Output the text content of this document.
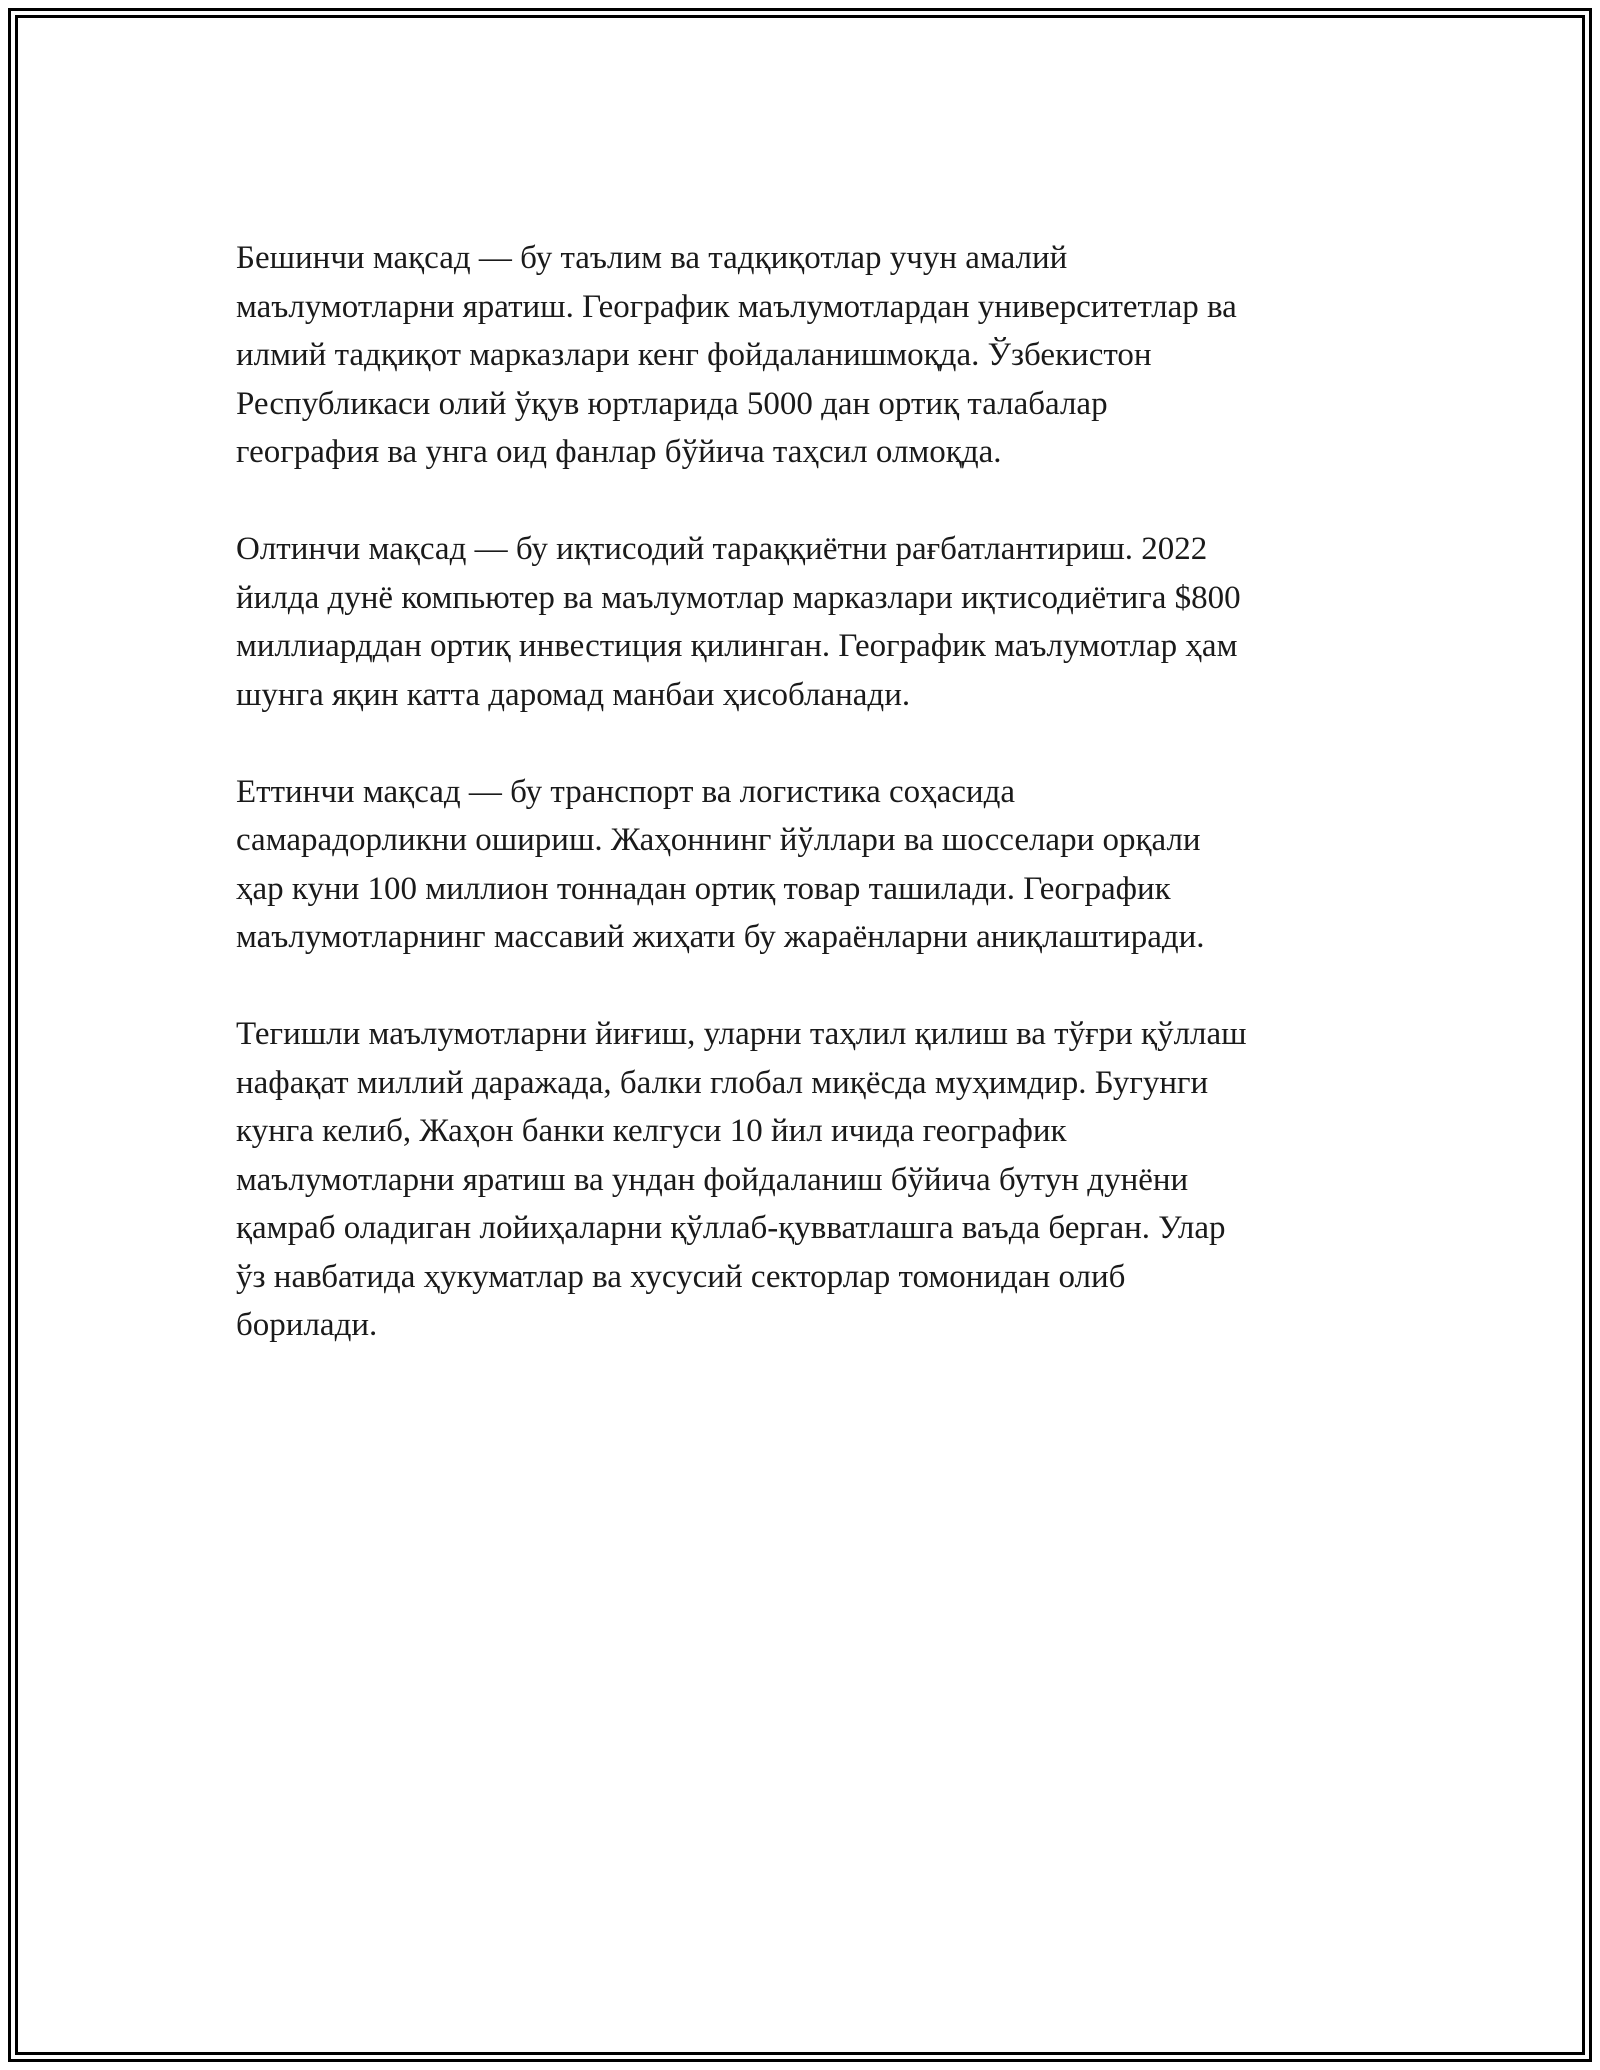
Бешинчи мақсад — бу таълим ва тадқиқотлар учун амалий
маълумотларни яратиш. Географик маълумотлардан университетлар ва
илмий тадқиқот марказлари кенг фойдаланишмоқда. Ўзбекистон
Республикаси олий ўқув юртларида 5000 дан ортиқ талабалар
география ва унга оид фанлар бўйича таҳсил олмоқда.

Олтинчи мақсад — бу иқтисодий тараққиётни рағбатлантириш. 2022
йилда дунё компьютер ва маълумотлар марказлари иқтисодиётига $800
миллиарддан ортиқ инвестиция қилинган. Географик маълумотлар ҳам
шунга яқин катта даромад манбаи ҳисобланади.

Еттинчи мақсад — бу транспорт ва логистика соҳасида
самарадорликни ошириш. Жаҳоннинг йўллари ва шосселари орқали
ҳар куни 100 миллион тоннадан ортиқ товар ташилади. Географик
маълумотларнинг массавий жиҳати бу жараёнларни аниқлаштиради.

Тегишли маълумотларни йиғиш, уларни таҳлил қилиш ва тўғри қўллаш
нафақат миллий даражада, балки глобал миқёсда муҳимдир. Бугунги
кунга келиб, Жаҳон банки келгуси 10 йил ичида географик
маълумотларни яратиш ва ундан фойдаланиш бўйича бутун дунёни
қамраб оладиган лойиҳаларни қўллаб-қувватлашга ваъда берган. Улар
ўз навбатида ҳукуматлар ва хусусий секторлар томонидан олиб
борилади.
